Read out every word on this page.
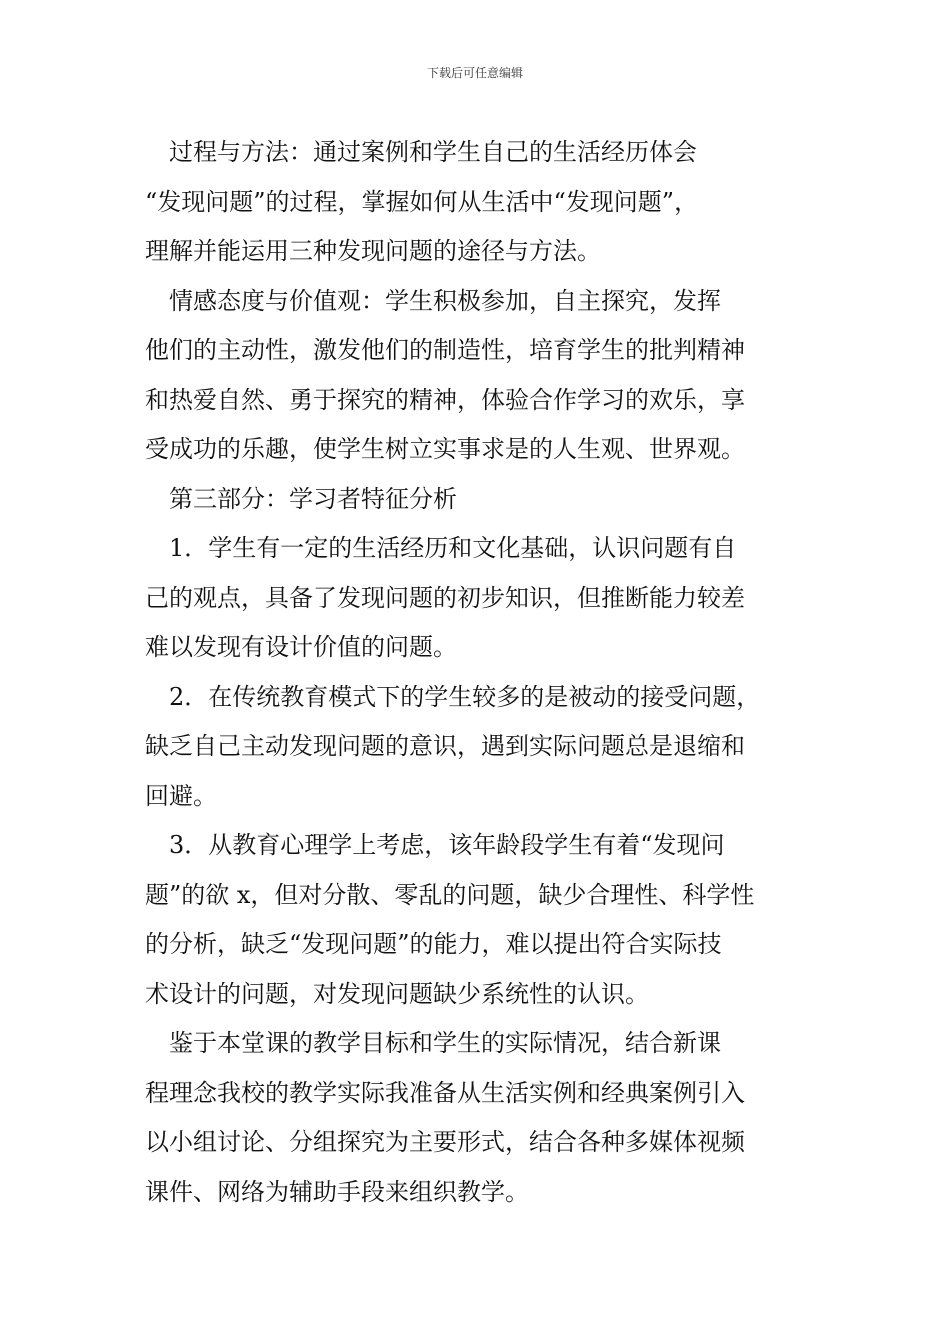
下载后可任意编辑
　过程与方法：通过案例和学生自己的生活经历体会
“发现问题”的过程，掌握如何从生活中“发现问题”，
理解并能运用三种发现问题的途径与方法。
　情感态度与价值观：学生积极参加，自主探究，发挥
他们的主动性，激发他们的制造性，培育学生的批判精神
和热爱自然、勇于探究的精神，体验合作学习的欢乐，享
受成功的乐趣，使学生树立实事求是的人生观、世界观。
　第三部分：学习者特征分析
　1．学生有一定的生活经历和文化基础，认识问题有自
己的观点，具备了发现问题的初步知识，但推断能力较差
难以发现有设计价值的问题。
　2．在传统教育模式下的学生较多的是被动的接受问题，
缺乏自己主动发现问题的意识，遇到实际问题总是退缩和
回避。
　3．从教育心理学上考虑，该年龄段学生有着“发现问
题”的欲 x，但对分散、零乱的问题，缺少合理性、科学性
的分析，缺乏“发现问题”的能力，难以提出符合实际技
术设计的问题，对发现问题缺少系统性的认识。
　鉴于本堂课的教学目标和学生的实际情况，结合新课
程理念我校的教学实际我准备从生活实例和经典案例引入
以小组讨论、分组探究为主要形式，结合各种多媒体视频
课件、网络为辅助手段来组织教学。
